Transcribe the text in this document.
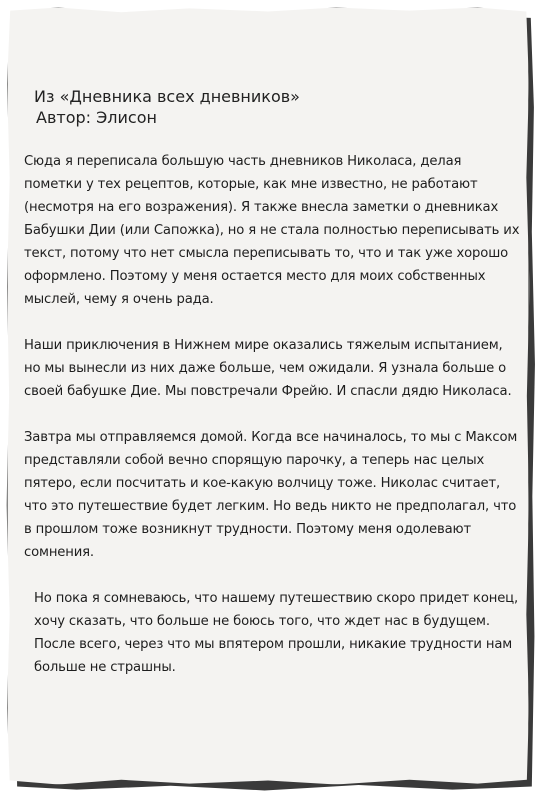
Из «Дневника всех дневников»
Автор: Элисон

Сюда я переписала большую часть дневников Николаса, делая пометки у тех рецептов, которые, как мне известно, не работают (несмотря на его возражения). Я также внесла заметки о дневниках Бабушки Дии (или Сапожка), но я не стала полностью переписывать их текст, потому что нет смысла переписывать то, что и так уже хорошо оформлено. Поэтому у меня остается место для моих собственных мыслей, чему я очень рада.

Наши приключения в Нижнем мире оказались тяжелым испытанием, но мы вынесли из них даже больше, чем ожидали. Я узнала больше о своей бабушке Дие. Мы повстречали Фрейю. И спасли дядю Николаса.

Завтра мы отправляемся домой. Когда все начиналось, то мы с Максом представляли собой вечно спорящую парочку, а теперь нас целых пятеро, если посчитать и кое-какую волчицу тоже. Николас считает, что это путешествие будет легким. Но ведь никто не предполагал, что в прошлом тоже возникнут трудности. Поэтому меня одолевают сомнения.

Но пока я сомневаюсь, что нашему путешествию скоро придет конец, хочу сказать, что больше не боюсь того, что ждет нас в будущем. После всего, через что мы впятером прошли, никакие трудности нам больше не страшны.
